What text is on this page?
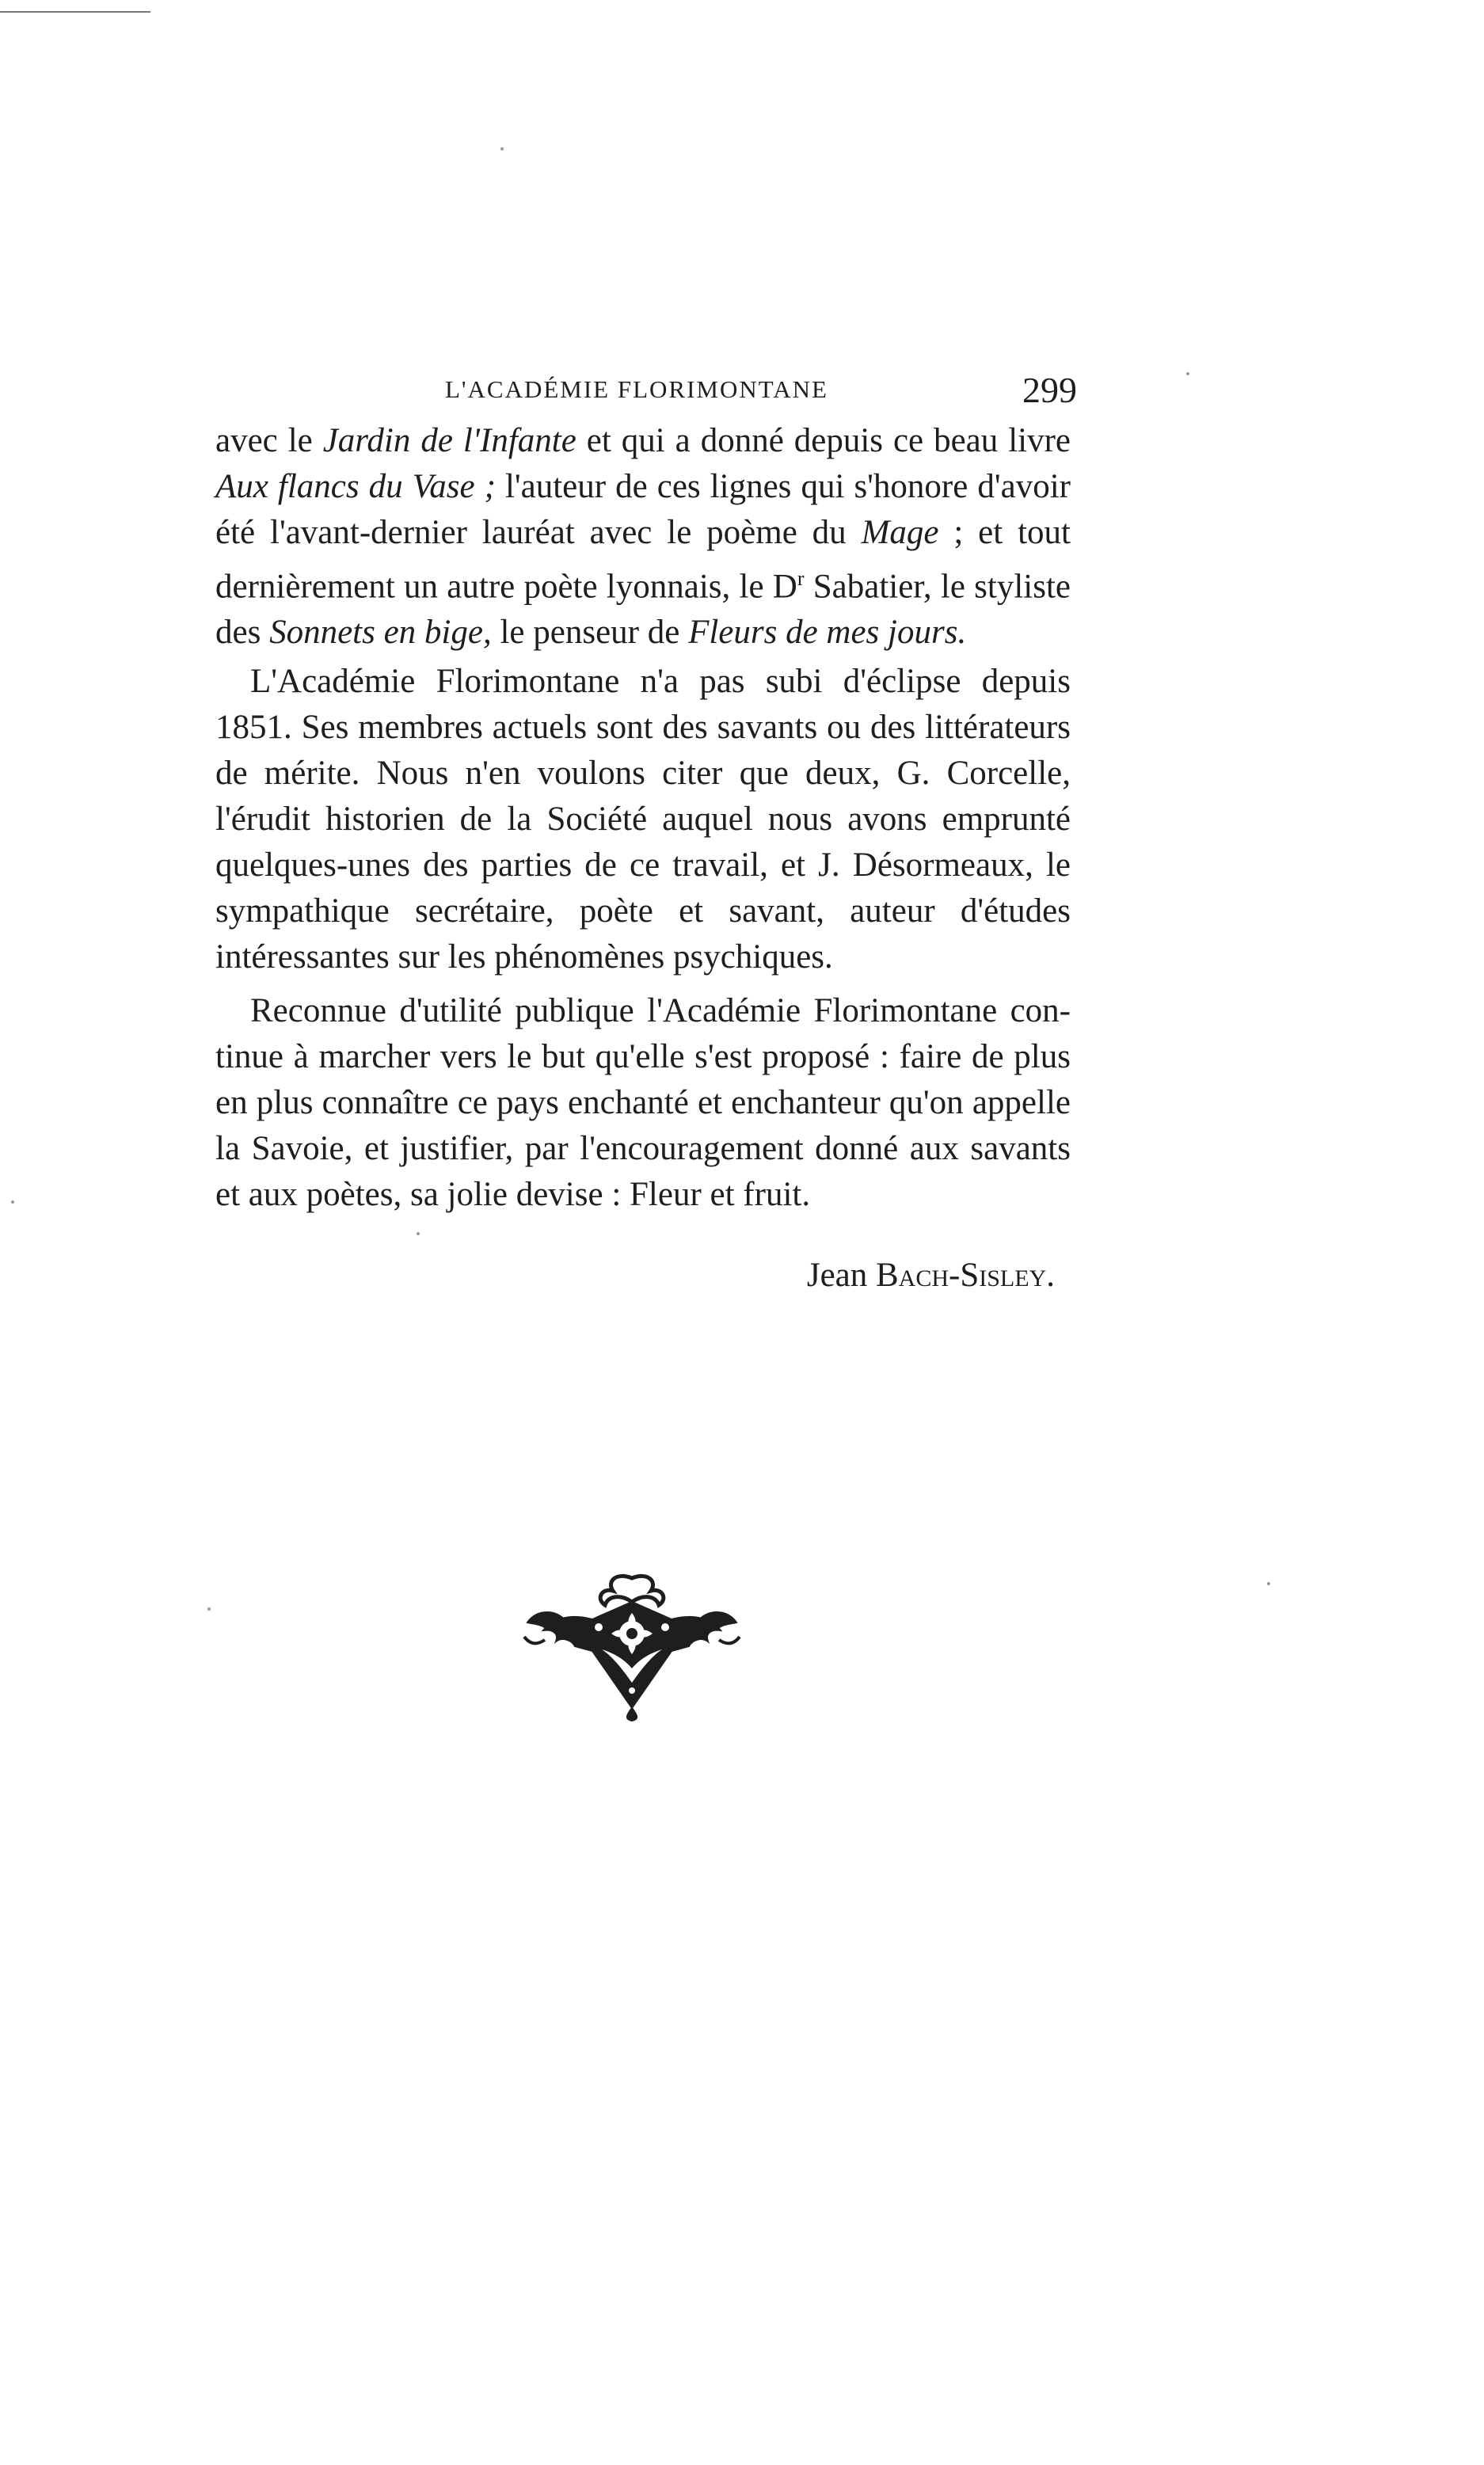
L'ACADÉMIE FLORIMONTANE	299

avec le Jardin de l'Infante et qui a donné depuis ce beau livre Aux flancs du Vase ; l'auteur de ces lignes qui s'honore d'avoir été l'avant-dernier lauréat avec le poème du Mage ; et tout dernièrement un autre poète lyonnais, le $D^r$ Sabatier, le styliste des Sonnets en bige, le penseur de Fleurs de mes jours.

L'Académie Florimontane n'a pas subi d'éclipse depuis 1851. Ses membres actuels sont des savants ou des littérateurs de mérite. Nous n'en voulons citer que deux, G. Corcelle, l'érudit historien de la Société auquel nous avons emprunté quelques-unes des parties de ce travail, et J. Désormeaux, le sympathique secrétaire, poète et savant, auteur d'études intéressantes sur les phénomènes psychiques.

Reconnue d'utilité publique l'Académie Florimontane continue à marcher vers le but qu'elle s'est proposé : faire de plus en plus connaître ce pays enchanté et enchanteur qu'on appelle la Savoie, et justifier, par l'encouragement donné aux savants et aux poètes, sa jolie devise : Fleur et fruit.

Jean Bach-Sisley.
